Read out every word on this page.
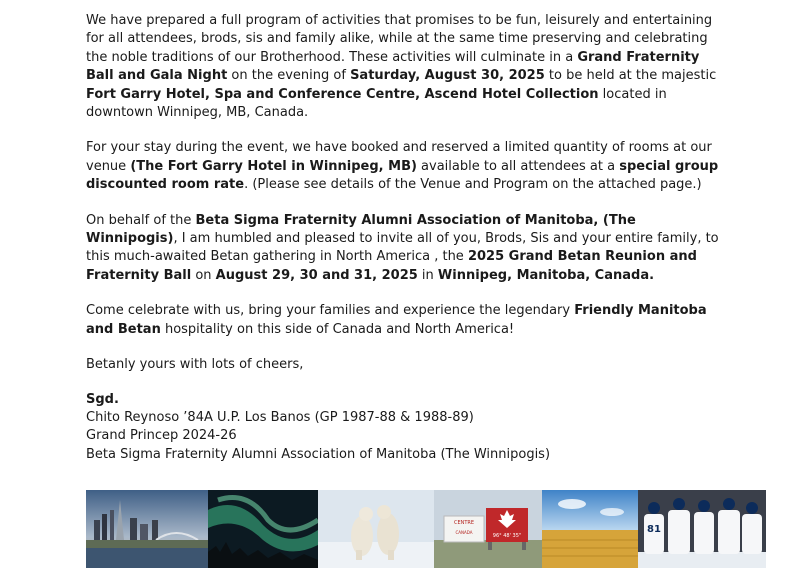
We have prepared a full program of activities that promises to be fun, leisurely and entertaining for all attendees, brods, sis and family alike, while at the same time preserving and celebrating the noble traditions of our Brotherhood. These activities will culminate in a Grand Fraternity Ball and Gala Night on the evening of Saturday, August 30, 2025 to be held at the majestic Fort Garry Hotel, Spa and Conference Centre, Ascend Hotel Collection located in downtown Winnipeg, MB, Canada.

For your stay during the event, we have booked and reserved a limited quantity of rooms at our venue (The Fort Garry Hotel in Winnipeg, MB) available to all attendees at a special group discounted room rate. (Please see details of the Venue and Program on the attached page.)

On behalf of the Beta Sigma Fraternity Alumni Association of Manitoba, (The Winnipogis), I am humbled and pleased to invite all of you, Brods, Sis and your entire family, to this much-awaited Betan gathering in North America , the 2025 Grand Betan Reunion and Fraternity Ball on August 29, 30 and 31, 2025 in Winnipeg, Manitoba, Canada.

Come celebrate with us, bring your families and experience the legendary Friendly Manitoba and Betan hospitality on this side of Canada and North America!

Betanly yours with lots of cheers,

Sgd.
Chito Reynoso ’84A U.P. Los Banos (GP 1987-88 & 1988-89)
Grand Princep 2024-26
Beta Sigma Fraternity Alumni Association of Manitoba (The Winnipogis)
CENTRE
CANADA
96° 48' 35"
81
